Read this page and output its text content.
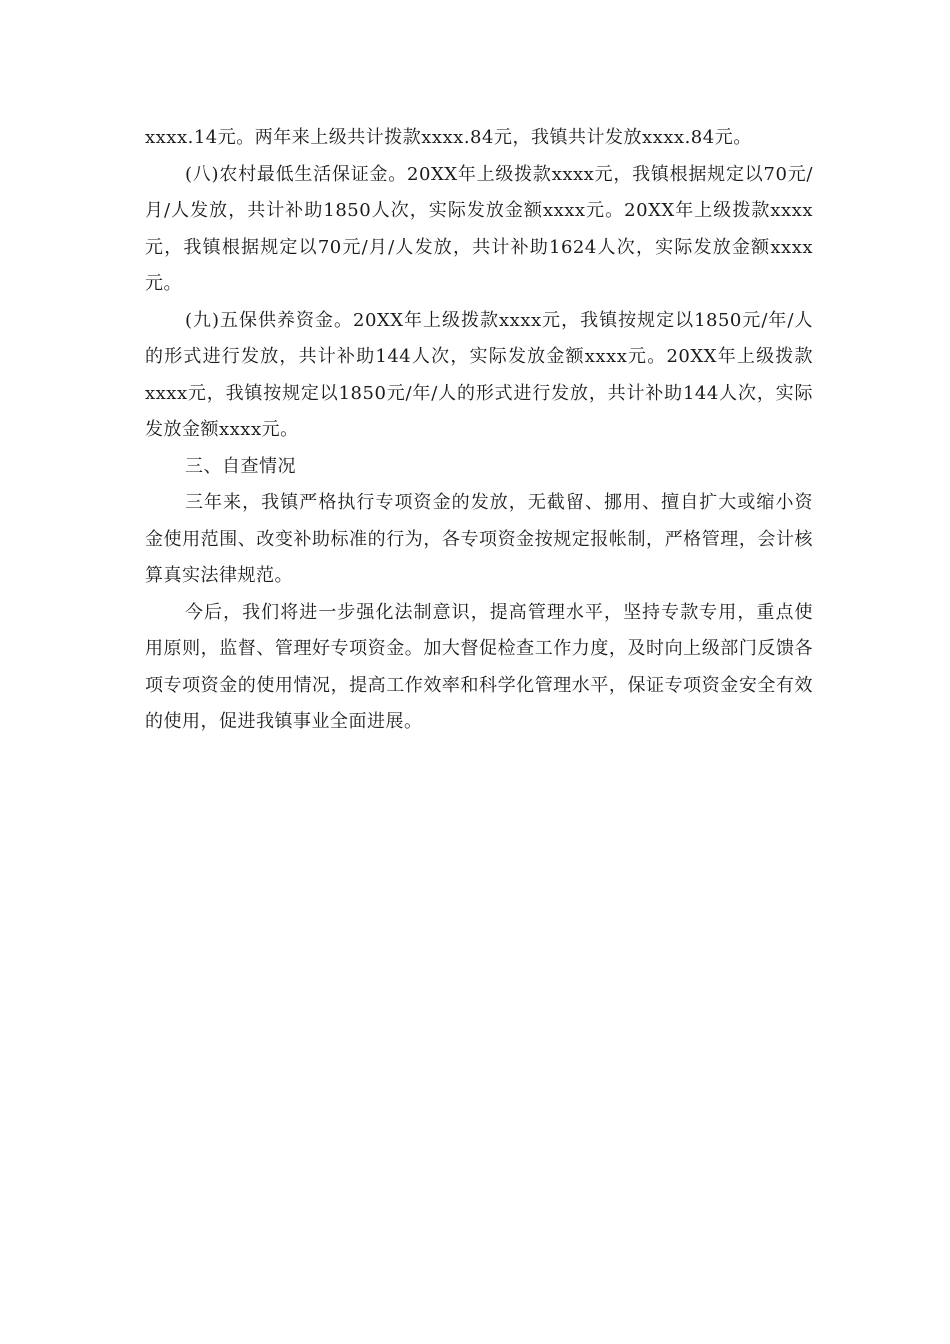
xxxx.14元。两年来上级共计拨款xxxx.84元，我镇共计发放xxxx.84元。

(八)农村最低生活保证金。20XX年上级拨款xxxx元，我镇根据规定以70元/月/人发放，共计补助1850人次，实际发放金额xxxx元。20XX年上级拨款xxxx元，我镇根据规定以70元/月/人发放，共计补助1624人次，实际发放金额xxxx元。

(九)五保供养资金。20XX年上级拨款xxxx元，我镇按规定以1850元/年/人的形式进行发放，共计补助144人次，实际发放金额xxxx元。20XX年上级拨款xxxx元，我镇按规定以1850元/年/人的形式进行发放，共计补助144人次，实际发放金额xxxx元。

三、自查情况

三年来，我镇严格执行专项资金的发放，无截留、挪用、擅自扩大或缩小资金使用范围、改变补助标准的行为，各专项资金按规定报帐制，严格管理，会计核算真实法律规范。

今后，我们将进一步强化法制意识，提高管理水平，坚持专款专用，重点使用原则，监督、管理好专项资金。加大督促检查工作力度，及时向上级部门反馈各项专项资金的使用情况，提高工作效率和科学化管理水平，保证专项资金安全有效的使用，促进我镇事业全面进展。
